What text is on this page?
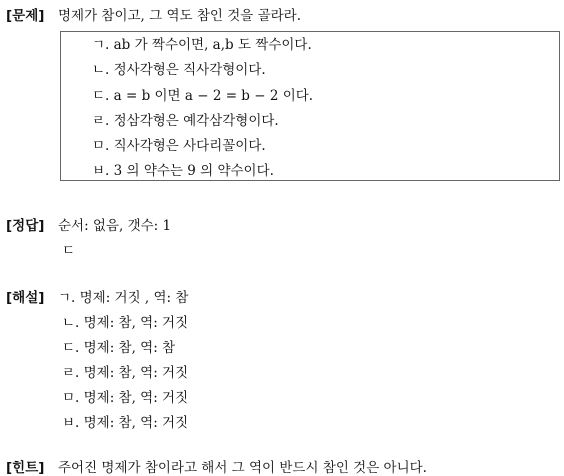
[문제]	명제가 참이고, 그 역도 참인 것을 골라라.
ㄱ. ab 가 짝수이면, a,b 도 짝수이다.
ㄴ. 정사각형은 직사각형이다.
ㄷ. a = b 이면 a − 2 = b − 2 이다.
ㄹ. 정삼각형은 예각삼각형이다.
ㅁ. 직사각형은 사다리꼴이다.
ㅂ. 3 의 약수는 9 의 약수이다.
[정답]	순서: 없음, 갯수: 1
ㄷ
[해설]	ㄱ. 명제: 거짓 , 역: 참
ㄴ. 명제: 참, 역: 거짓
ㄷ. 명제: 참, 역: 참
ㄹ. 명제: 참, 역: 거짓
ㅁ. 명제: 참, 역: 거짓
ㅂ. 명제: 참, 역: 거짓
[힌트]	주어진 명제가 참이라고 해서 그 역이 반드시 참인 것은 아니다.
